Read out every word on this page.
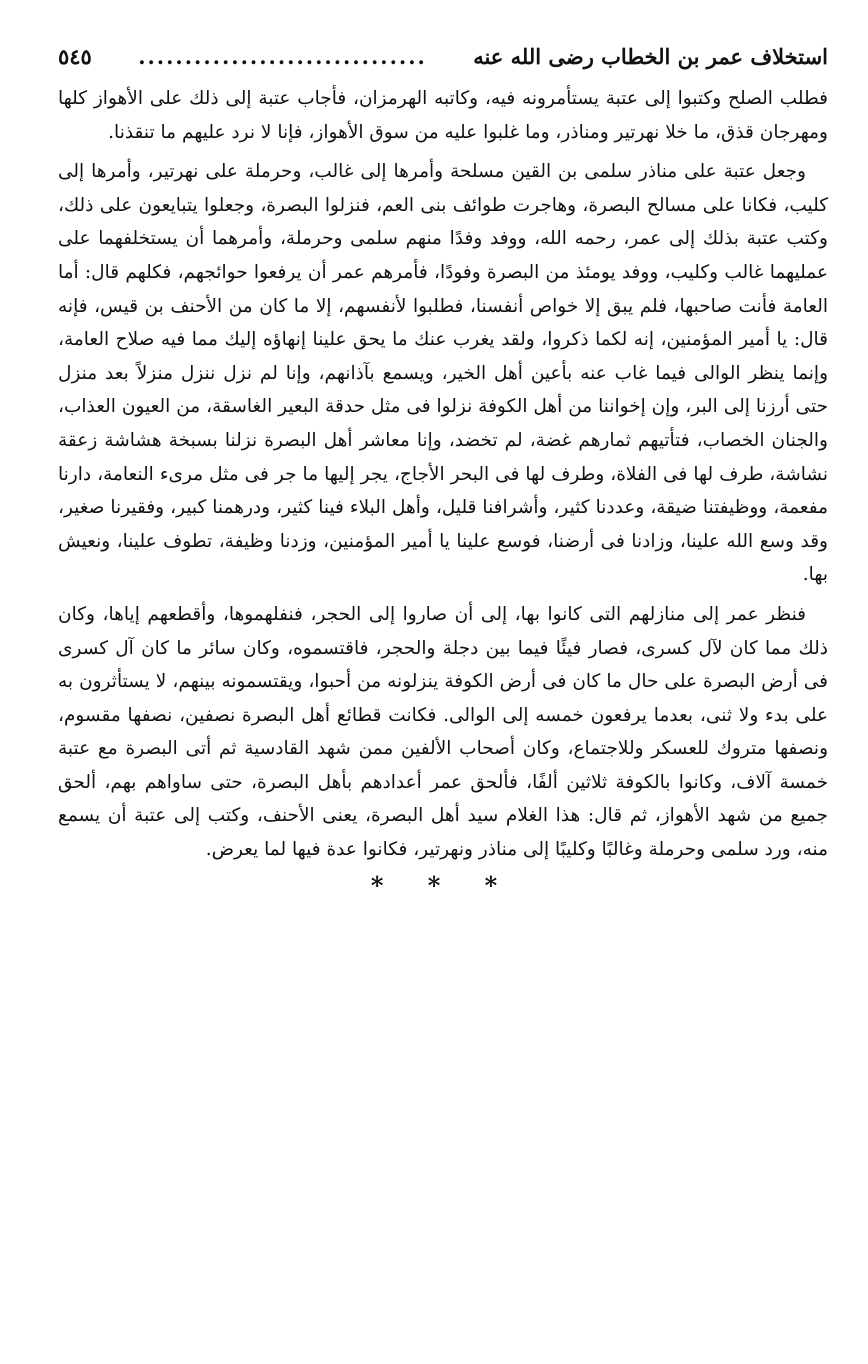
استخلاف عمر بن الخطاب رضى الله عنه
...............................
٥٤٥

فطلب الصلح وكتبوا إلى عتبة يستأمرونه فيه، وكاتبه الهرمزان، فأجاب عتبة إلى ذلك على الأهواز كلها ومهرجان قذق، ما خلا نهرتير ومناذر، وما غلبوا عليه من سوق الأهواز، فإنا لا نرد عليهم ما تنقذنا.

وجعل عتبة على مناذر سلمى بن القين مسلحة وأمرها إلى غالب، وحرملة على نهرتير، وأمرها إلى كليب، فكانا على مسالح البصرة، وهاجرت طوائف بنى العم، فنزلوا البصرة، وجعلوا يتبايعون على ذلك، وكتب عتبة بذلك إلى عمر، رحمه الله، ووفد وفدًا منهم سلمى وحرملة، وأمرهما أن يستخلفهما على عمليهما غالب وكليب، ووفد يومئذ من البصرة وفودًا، فأمرهم عمر أن يرفعوا حوائجهم، فكلهم قال: أما العامة فأنت صاحبها، فلم يبق إلا خواص أنفسنا، فطلبوا لأنفسهم، إلا ما كان من الأحنف بن قيس، فإنه قال: يا أمير المؤمنين، إنه لكما ذكروا، ولقد يغرب عنك ما يحق علينا إنهاؤه إليك مما فيه صلاح العامة، وإنما ينظر الوالى فيما غاب عنه بأعين أهل الخير، ويسمع بآذانهم، وإنا لم نزل ننزل منزلاً بعد منزل حتى أرزنا إلى البر، وإن إخواننا من أهل الكوفة نزلوا فى مثل حدقة البعير الغاسقة، من العيون العذاب، والجنان الخصاب، فتأتيهم ثمارهم غضة، لم تخضد، وإنا معاشر أهل البصرة نزلنا بسبخة هشاشة زعقة نشاشة، طرف لها فى الفلاة، وطرف لها فى البحر الأجاج، يجر إليها ما جر فى مثل مرىء النعامة، دارنا مفعمة، ووظيفتنا ضيقة، وعددنا كثير، وأشرافنا قليل، وأهل البلاء فينا كثير، ودرهمنا كبير، وفقيرنا صغير، وقد وسع الله علينا، وزادنا فى أرضنا، فوسع علينا يا أمير المؤمنين، وزدنا وظيفة، تطوف علينا، ونعيش بها.

فنظر عمر إلى منازلهم التى كانوا بها، إلى أن صاروا إلى الحجر، فنفلهموها، وأقطعهم إياها، وكان ذلك مما كان لآل كسرى، فصار فيئًا فيما بين دجلة والحجر، فاقتسموه، وكان سائر ما كان آل كسرى فى أرض البصرة على حال ما كان فى أرض الكوفة ينزلونه من أحبوا، ويقتسمونه بينهم، لا يستأثرون به على بدء ولا ثنى، بعدما يرفعون خمسه إلى الوالى. فكانت قطائع أهل البصرة نصفين، نصفها مقسوم، ونصفها متروك للعسكر وللاجتماع، وكان أصحاب الألفين ممن شهد القادسية ثم أتى البصرة مع عتبة خمسة آلاف، وكانوا بالكوفة ثلاثين ألفًا، فألحق عمر أعدادهم بأهل البصرة، حتى ساواهم بهم، ألحق جميع من شهد الأهواز، ثم قال: هذا الغلام سيد أهل البصرة، يعنى الأحنف، وكتب إلى عتبة أن يسمع منه، ورد سلمى وحرملة وغالبًا وكليبًا إلى مناذر ونهرتير، فكانوا عدة فيها لما يعرض.

* * *
